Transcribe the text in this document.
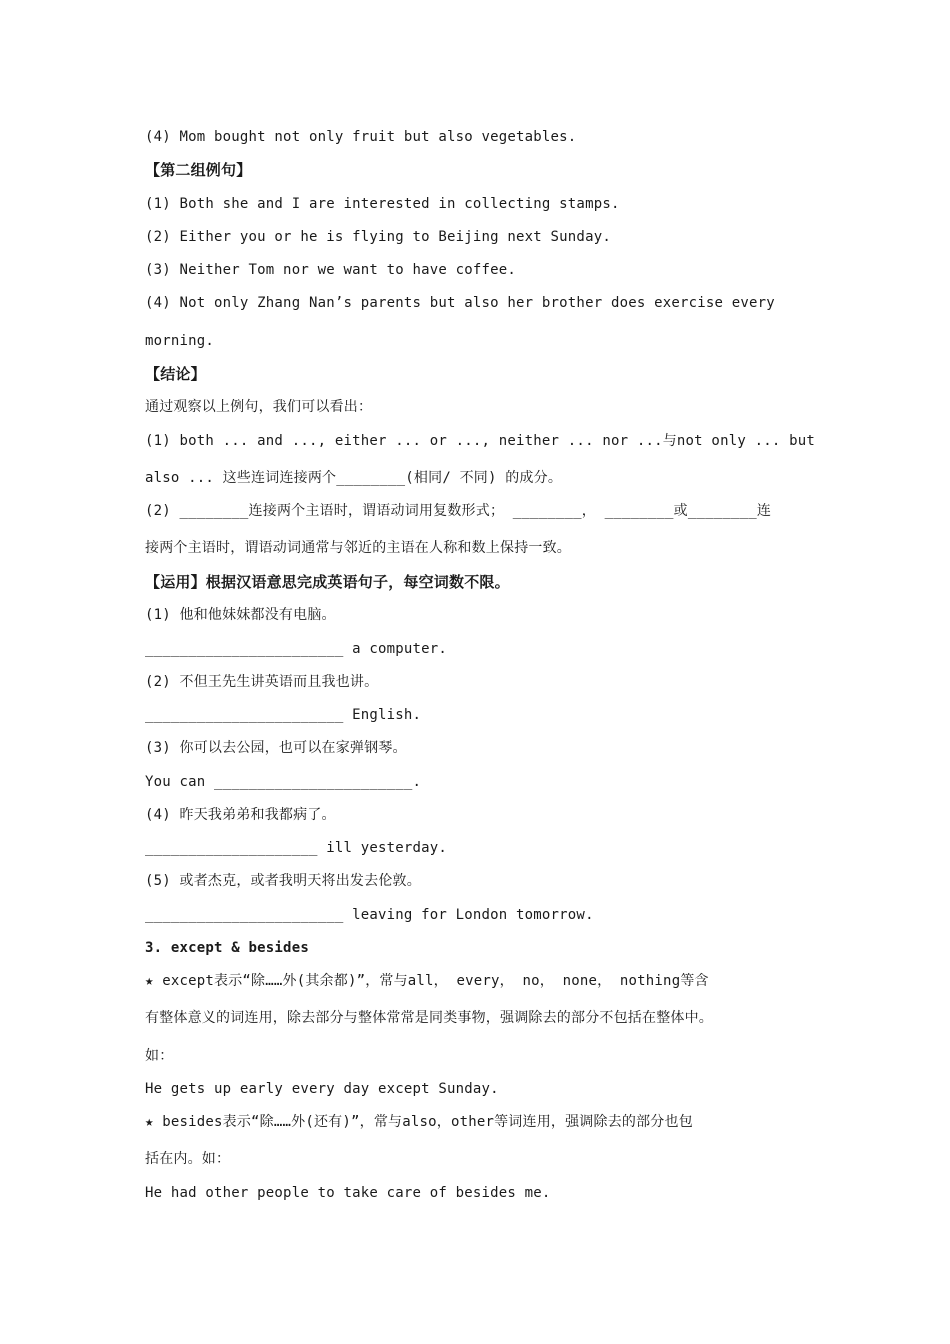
(4) Mom bought not only fruit but also vegetables.
【第二组例句】
(1) Both she and I are interested in collecting stamps.
(2) Either you or he is flying to Beijing next Sunday.
(3) Neither Tom nor we want to have coffee.
(4) Not only Zhang Nan’s parents but also her brother does exercise every
morning.
【结论】
通过观察以上例句，我们可以看出：
(1) both ... and ..., either ... or ..., neither ... nor ...与not only ... but
also ... 这些连词连接两个________(相同/ 不同) 的成分。
(2) ________连接两个主语时，谓语动词用复数形式； ________， ________或________连
接两个主语时，谓语动词通常与邻近的主语在人称和数上保持一致。
【运用】根据汉语意思完成英语句子，每空词数不限。
(1) 他和他妹妹都没有电脑。
_______________________ a computer.
(2) 不但王先生讲英语而且我也讲。
_______________________ English.
(3) 你可以去公园，也可以在家弹钢琴。
You can _______________________.
(4) 昨天我弟弟和我都病了。
____________________ ill yesterday.
(5) 或者杰克，或者我明天将出发去伦敦。
_______________________ leaving for London tomorrow.
3. except & besides
★ except表示“除……外(其余都)”，常与all， every， no， none， nothing等含
有整体意义的词连用，除去部分与整体常常是同类事物，强调除去的部分不包括在整体中。
如：
He gets up early every day except Sunday.
★ besides表示“除……外(还有)”，常与also，other等词连用，强调除去的部分也包
括在内。如：
He had other people to take care of besides me.
